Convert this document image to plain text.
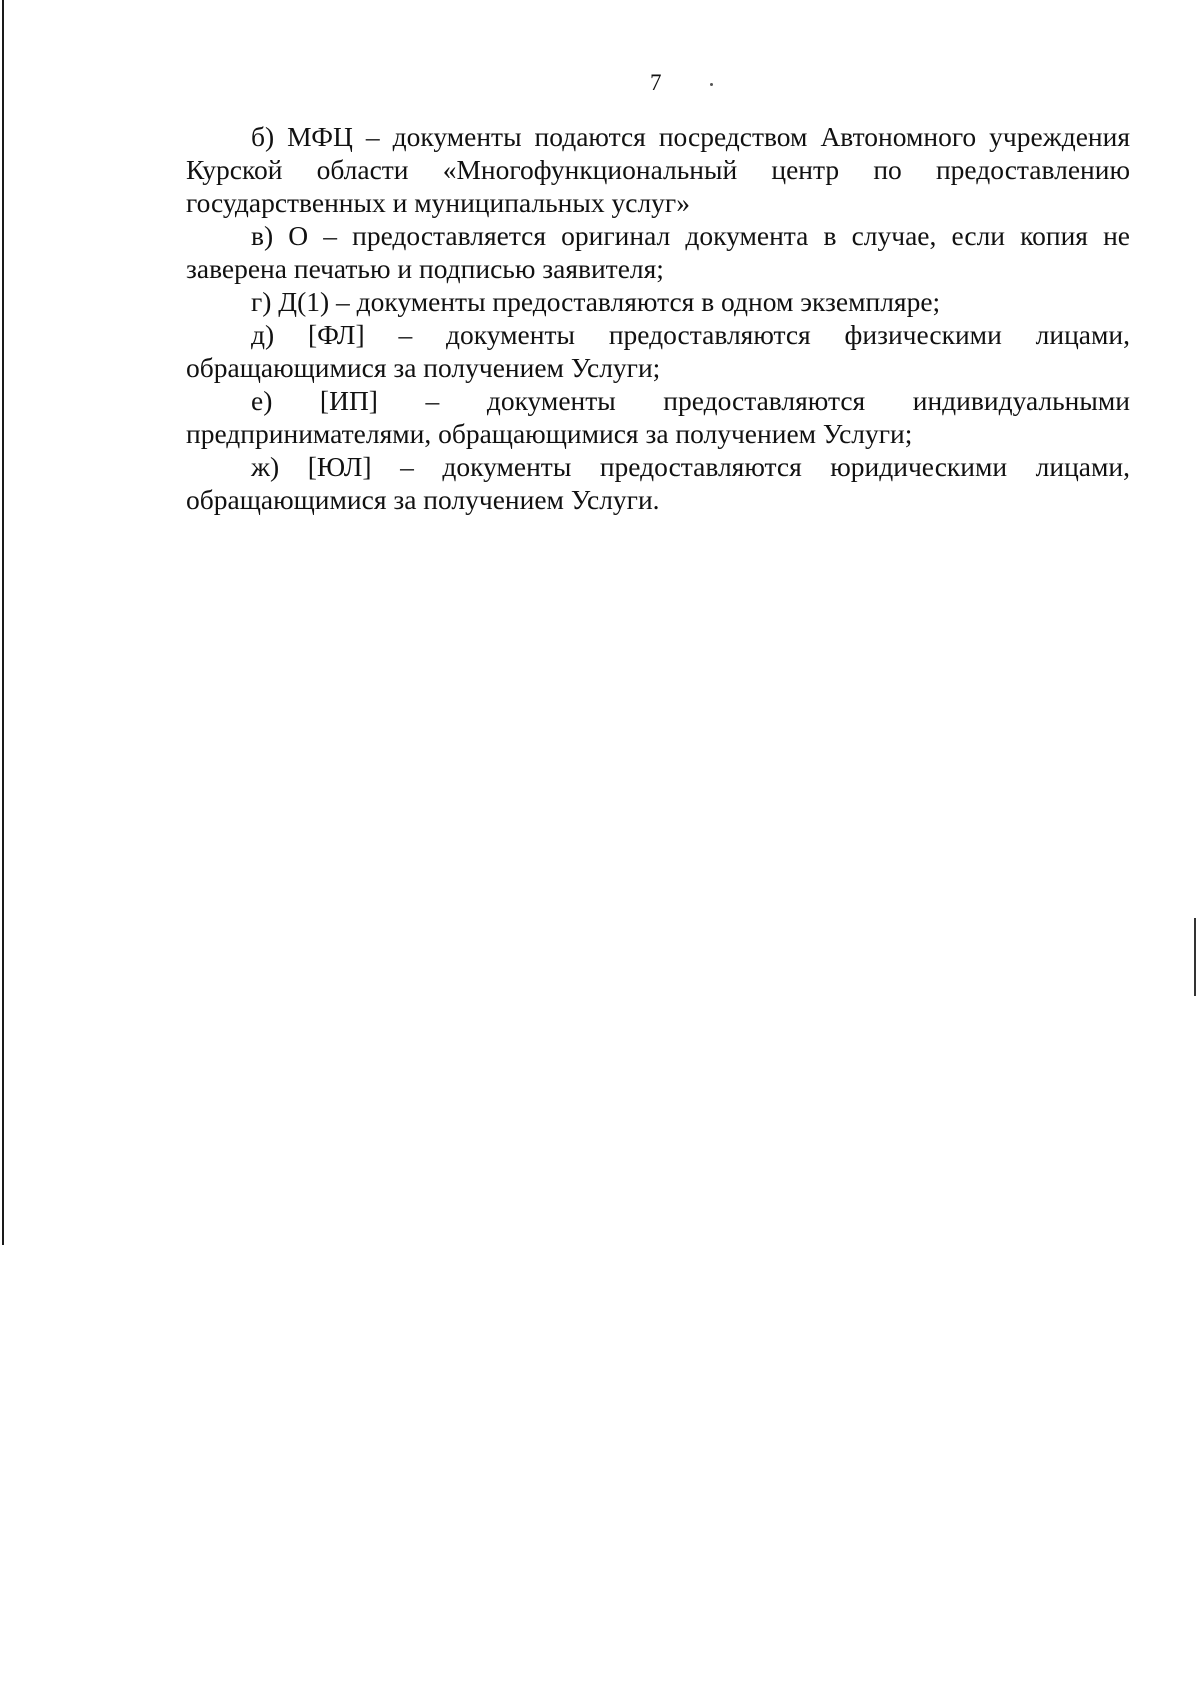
7

б) МФЦ – документы подаются посредством Автономного учреждения Курской области «Многофункциональный центр по предоставлению государственных и муниципальных услуг»

в) О – предоставляется оригинал документа в случае, если копия не заверена печатью и подписью заявителя;

г) Д(1) – документы предоставляются в одном экземпляре;

д) [ФЛ] – документы предоставляются физическими лицами, обращающимися за получением Услуги;

е) [ИП] – документы предоставляются индивидуальными предпринимателями, обращающимися за получением Услуги;

ж) [ЮЛ] – документы предоставляются юридическими лицами, обращающимися за получением Услуги.
